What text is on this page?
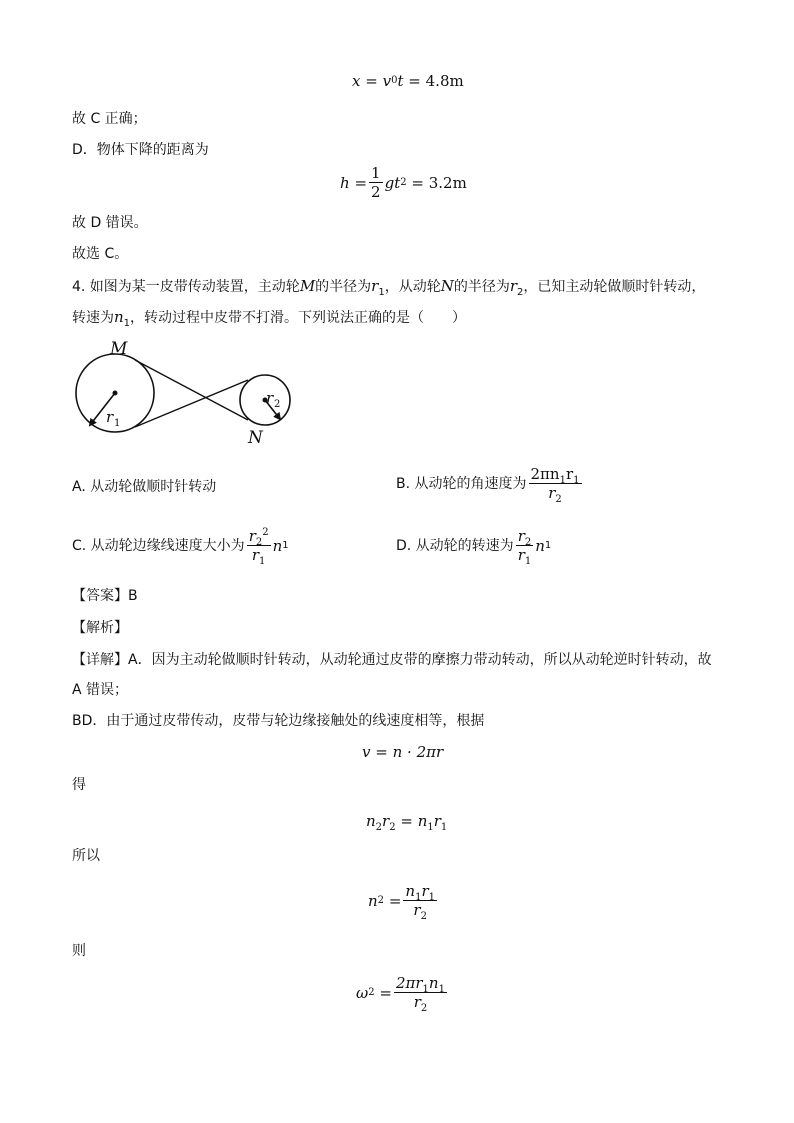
x
=
v 0 t
=
4.8m
故 C 正确；
D．物体下降的距离为
h
= $\frac{1}{2}$ g t 2
=
3.2m
故 D 错误。
故选 C。
4. 如图为某一皮带传动装置，主动轮M的半径为$r_1$，从动轮N的半径为$r_2$，已知主动轮做顺时针转动，
转速为$n_1$，转动过程中皮带不打滑。下列说法正确的是（　　）
M
N
r 1
r 2
A. 从动轮做顺时针转动	B. 从动轮的角速度为 $\frac{2\pi n_1r_1}{r_2}$
C. 从动轮边缘线速度大小为 $\frac{r_2^2}{r_1}$ n 1	D. 从动轮的转速为 $\frac{r_2}{r_1}$ n 1
【答案】B
【解析】
【详解】A．因为主动轮做顺时针转动，从动轮通过皮带的摩擦力带动转动，所以从动轮逆时针转动，故
A 错误；
BD．由于通过皮带传动，皮带与轮边缘接触处的线速度相等，根据
v = n · 2πr
得
$n_2r_2 = n_1r_1$
所以
n 2
= $\frac{n_1r_1}{r_2}$
则
ω 2
= $\frac{2\pi r_1n_1}{r_2}$
